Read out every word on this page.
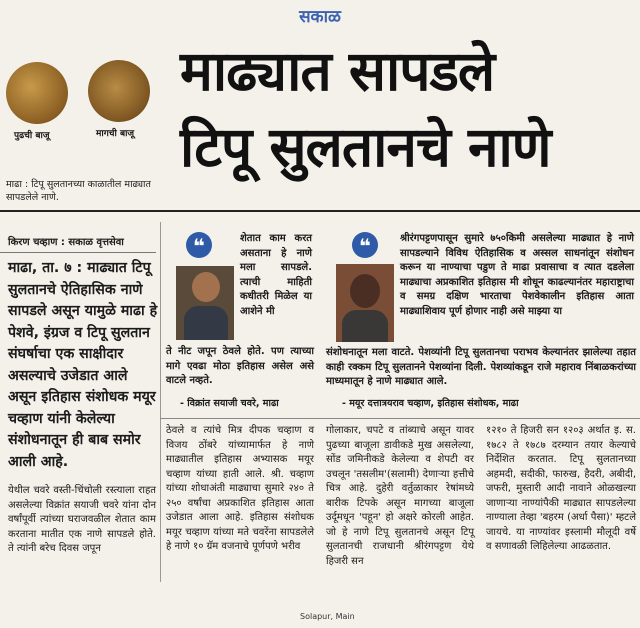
सकाळ
पुढची बाजू	मागची बाजू
माढ्यात सापडले
टिपू सुलतानचे नाणे
माढा : टिपू सुलतानच्या काळातील माढ्यात सापडलेले नाणे.
किरण चव्हाण : सकाळ वृत्तसेवा
माढा, ता. ७ : माढ्यात टिपू सुलतानचे ऐतिहासिक नाणे सापडले असून यामुळे माढा हे पेशवे, इंग्रज व टिपू सुलतान संघर्षाचा एक साक्षीदार असल्याचे उजेडात आले असून इतिहास संशोधक मयूर चव्हाण यांनी केलेल्या संशोधनातून ही बाब समोर आली आहे.
❝	शेतात काम करत असताना हे नाणे मला सापडले. त्याची माहिती कधीतरी मिळेल या आशेने मी
ते नीट जपून ठेवले होते. पण त्याच्या मागे एवढा मोठा इतिहास असेल असे वाटले नव्हते.
- विक्रांत सयाजी चवरे, माढा
❝	श्रीरंगपट्टणपासून सुमारे ७५०किमी असलेल्या माढ्यात हे नाणे सापडल्याने विविध ऐतिहासिक व अस्सल साधनांतून संशोधन करून या नाण्याचा पडुण ते माढा प्रवासाचा व त्यात दडलेला माढ्याचा अप्रकाशित इतिहास मी शोधून काढल्यानंतर महाराष्ट्राचा व समग्र दक्षिण भारताचा पेशवेकालीन इतिहास आता माढ्याशिवाय पूर्ण होणार नाही असे माझ्या या
संशोधनातून मला वाटते. पेशव्यांनी टिपू सुलतानचा पराभव केल्यानंतर झालेल्या तहात काही रक्कम टिपू सुलतानने पेशव्यांना दिली. पेशव्यांकडून राजे महाराव निंबाळकरांच्या माध्यमातून हे नाणे माढ्यात आले.
- मयूर दत्तात्रयराव चव्हाण, इतिहास संशोधक, माढा
येथील चवरे वस्ती-चिंचोली रस्त्याला राहत असलेल्या विक्रांत सयाजी चवरे यांना दोन वर्षांपूर्वी त्यांच्या घराजवळील शेतात काम करताना मातीत एक नाणे सापडले होते. ते त्यांनी बरेच दिवस जपून
ठेवले व त्यांचे मित्र दीपक चव्हाण व विजय ठोंबरे यांच्यामार्फत हे नाणे माढ्यातील इतिहास अभ्यासक मयूर चव्हाण यांच्या हाती आले. श्री. चव्हाण यांच्या शोधाअंती माढ्याचा सुमारे २४० ते २५० वर्षांचा अप्रकाशित इतिहास आता उजेडात आला आहे. इतिहास संशोधक मयूर चव्हाण यांच्या मते चवरेंना सापडलेले हे नाणे १० ग्रॅम वजनाचे पूर्णपणे भरीव
गोलाकार, चपटे व तांब्याचे असून यावर पुढच्या बाजूला डावीकडे मुख असलेल्या, सोंड जमिनीकडे केलेल्या व शेपटी वर उचलून 'तसलीम'(सलामी) देणाऱ्या हत्तीचे चित्र आहे. दुहेरी वर्तुळाकार रेषांमध्ये बारीक टिपके असून मागच्या बाजूला उर्दूमधून 'पहून' हो अक्षरे कोरली आहेत. जो हे नाणे टिपू सुलतानचे असून टिपू सुलतानची राजधानी श्रीरंगपट्टण येथे हिजरी सन
१२१० ते हिजरी सन १२०३ अर्थात इ. स. १७८२ ते १७८७ दरम्यान तयार केल्याचे निर्देशित करतात. टिपू सुलतानच्या अहमदी, सदीकी, फारुख, हैदरी, अबीदी, जफरी, मुस्तारी आदी नावाने ओळखल्या जाणाऱ्या नाण्यांपैकी माढ्यात सापडलेल्या नाण्याला तेव्हा 'बहरम (अर्धा पैसा)' म्हटले जायचे. या नाण्यांवर इस्लामी मौलूदी वर्षे व सणावळी लिहिलेल्या आढळतात.
Solapur, Main
